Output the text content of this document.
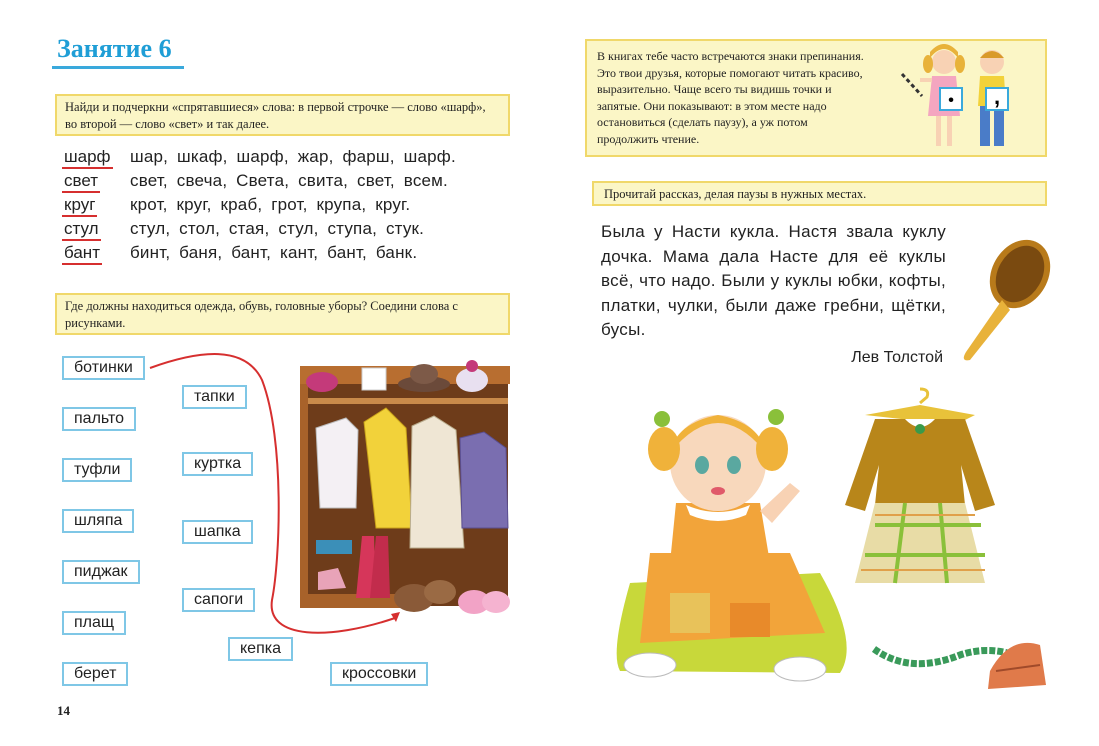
Занятие 6
Найди и подчеркни «спрятавшиеся» слова: в первой строчке — слово «шарф», во второй — слово «свет» и так далее.
шарф шар, шкаф, шарф, жар, фарш, шарф.
свет свет, свеча, Света, свита, свет, всем.
круг крот, круг, краб, грот, крупа, круг.
стул стул, стол, стая, стул, ступа, стук.
бант бинт, баня, бант, кант, бант, банк.
Где должны находиться одежда, обувь, головные уборы? Соедини слова с рисунками.
ботинки
тапки
пальто
туфли	куртка
шляпа
шапка
пиджак
сапоги
плащ
кепка
берет	кроссовки
14
В книгах тебе часто встречаются знаки препинания. Это твои друзья, которые помогают читать красиво, выразительно. Чаще всего ты видишь точки и запятые. Они показывают: в этом месте надо остановиться (сделать паузу), а уж потом продолжить чтение.
• ,
Прочитай рассказ, делая паузы в нужных местах.
Была у Насти кукла. Настя звала куклу дочка. Мама дала Насте для её куклы всё, что надо. Были у куклы юбки, кофты, платки, чулки, были даже гребни, щётки, бусы.
Лев Толстой
